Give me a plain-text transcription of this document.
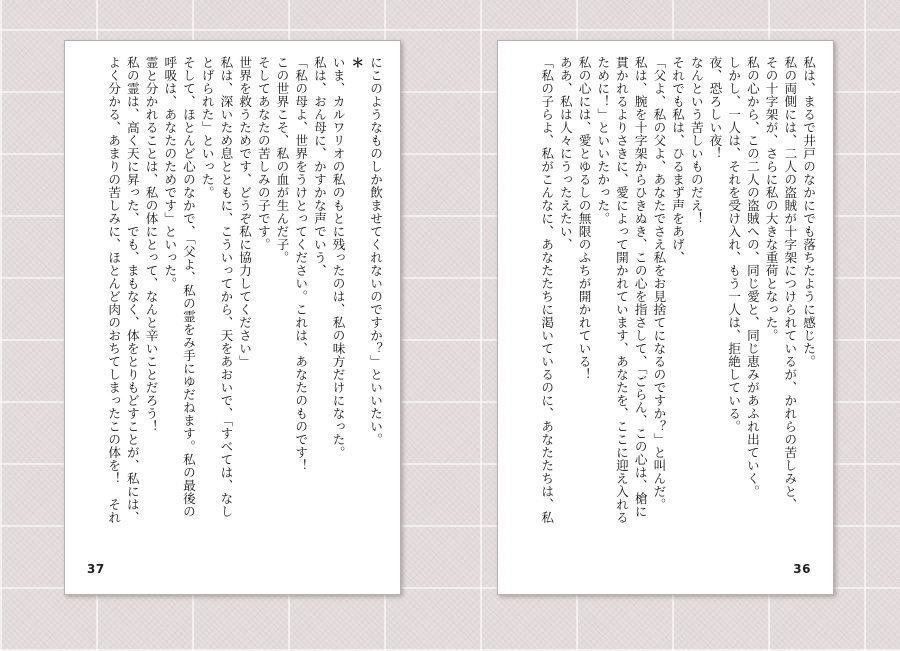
にこのようなものしか飲ませてくれないのですか？」といいたい。
＊
いま、カルワリオの私のもとに残ったのは、私の味方だけになった。
私は、おん母に、かすかな声でいう、
「私の母よ、世界をうけとってください。これは、あなたのものです！
この世界こそ、私の血が生んだ子。
そしてあなたの苦しみの子です。
世界を救うためです、どうぞ私に協力してください」
私は、深いため息とともに、こういってから、天をあおいで、「すべては、なし
とげられた」といった。
そして、ほとんど心のなかで、「父よ、私の霊をみ手にゆだねます。私の最後の
呼吸は、あなたのためです」といった。
霊と分かれることは、私の体にとって、なんと辛いことだろう！
私の霊は、高く天に昇った、でも、まもなく、体をとりもどすことが、私には、
よく分かる、あまりの苦しみに、ほとんど肉のおちてしまったこの体を！　それ
37
私は、まるで井戸のなかにでも落ちたように感じた。
私の両側には、二人の盗賊が十字架につけられているが、かれらの苦しみと、
その十字架が、さらに私の大きな重荷となった。
私の心から、この二人の盗賊への、同じ愛と、同じ恵みがあふれ出ていく。
しかし、一人は、それを受け入れ、もう一人は、拒絶している。
夜、恐ろしい夜！
なんという苦しいものだえ！
それでも私は、ひるまず声をあげ、
「父よ、私の父よ、あなたでさえ私をお見捨てになるのですか？」と叫んだ。
私は、腕を十字架からひきぬき、この心を指さして、「ごらん、この心は、槍に
貫かれるよりさきに、愛によって開かれています、あなたを、ここに迎え入れる
ために！」といいたかった。
私の心には、愛とゆるしの無限のふちが開かれている！
ああ、私は人々にうったえたい、
「私の子らよ、私がこんなに、あなたたちに渇いているのに、あなたたちは、私
36
